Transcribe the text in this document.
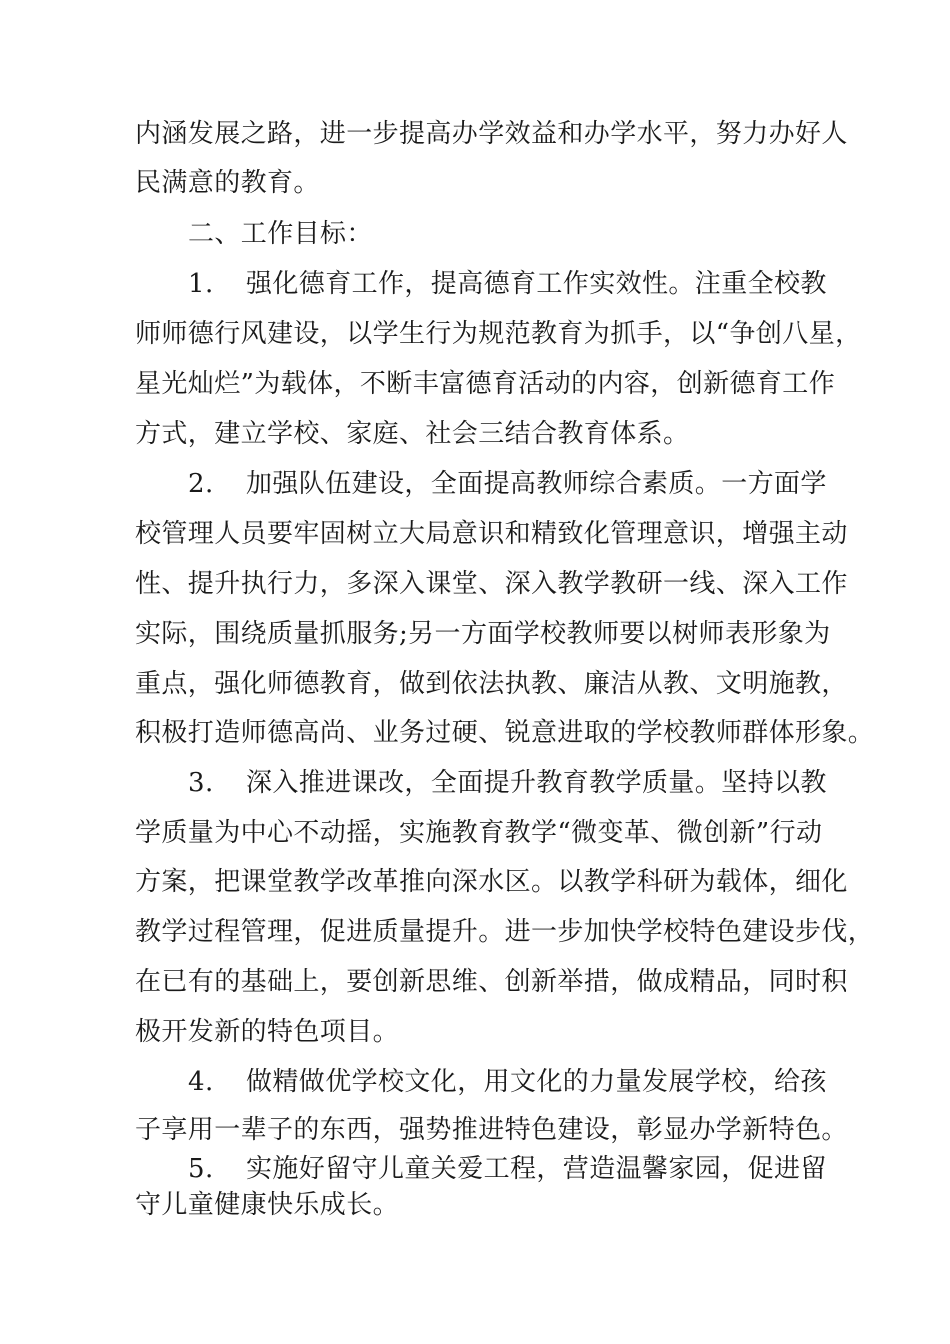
内涵发展之路，进一步提高办学效益和办学水平，努力办好人
民满意的教育。
二、工作目标：
1. 强化德育工作，提高德育工作实效性。注重全校教
师师德行风建设，以学生行为规范教育为抓手，以“争创八星，
星光灿烂”为载体，不断丰富德育活动的内容，创新德育工作
方式，建立学校、家庭、社会三结合教育体系。
2. 加强队伍建设，全面提高教师综合素质。一方面学
校管理人员要牢固树立大局意识和精致化管理意识，增强主动
性、提升执行力，多深入课堂、深入教学教研一线、深入工作
实际，围绕质量抓服务;另一方面学校教师要以树师表形象为
重点，强化师德教育，做到依法执教、廉洁从教、文明施教，
积极打造师德高尚、业务过硬、锐意进取的学校教师群体形象。
3. 深入推进课改，全面提升教育教学质量。坚持以教
学质量为中心不动摇，实施教育教学“微变革、微创新”行动
方案，把课堂教学改革推向深水区。以教学科研为载体，细化
教学过程管理，促进质量提升。进一步加快学校特色建设步伐，
在已有的基础上，要创新思维、创新举措，做成精品，同时积
极开发新的特色项目。
4. 做精做优学校文化，用文化的力量发展学校，给孩
子享用一辈子的东西，强势推进特色建设，彰显办学新特色。
5. 实施好留守儿童关爱工程，营造温馨家园，促进留
守儿童健康快乐成长。
